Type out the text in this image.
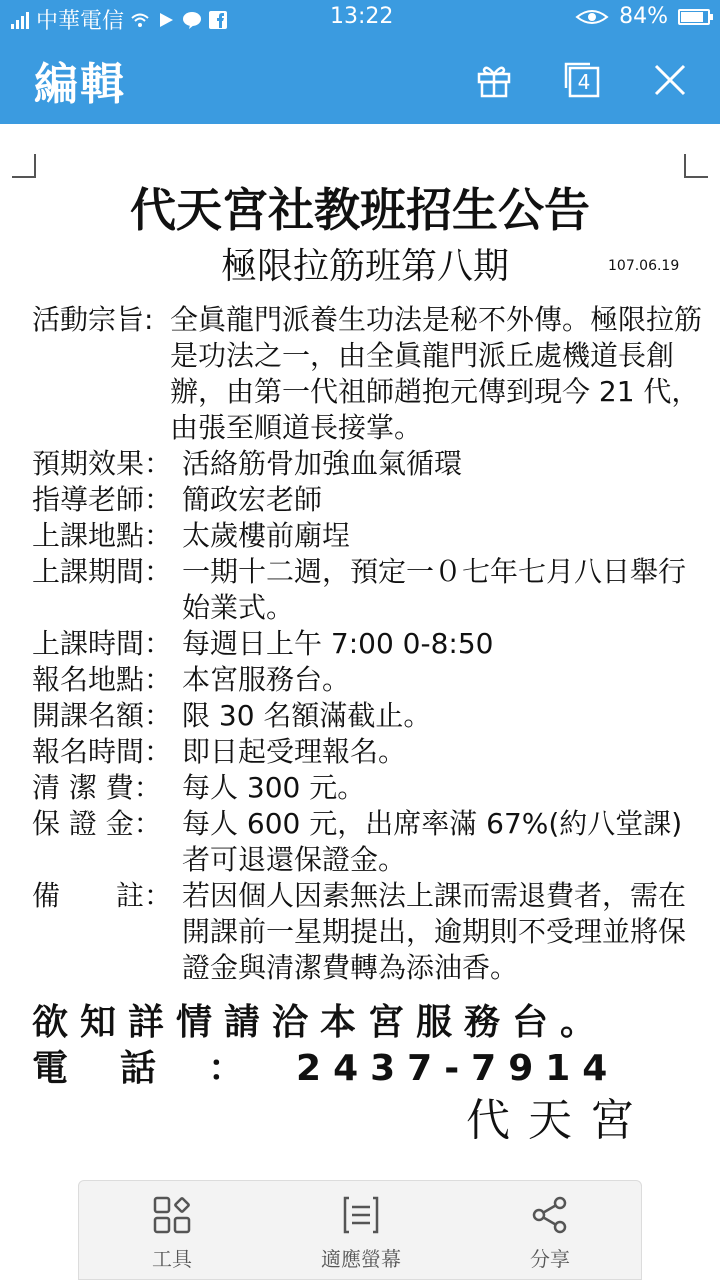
中華電信	13:22	84%
編輯	4
代天宮社教班招生公告
極限拉筋班第八期	107.06.19
活動宗旨: 全眞龍門派養生功法是秘不外傳。極限拉筋是功法之一，由全眞龍門派丘處機道長創辦，由第一代祖師趙抱元傳到現今 21 代，由張至順道長接掌。
預期效果： 活絡筋骨加強血氣循環
指導老師： 簡政宏老師
上課地點： 太歲樓前廟埕
上課期間： 一期十二週，預定一０七年七月八日舉行始業式。
上課時間： 每週日上午 7:00 0-8:50
報名地點： 本宮服務台。
開課名額： 限 30 名額滿截止。
報名時間： 即日起受理報名。
清 潔 費： 每人 300 元。
保 證 金： 每人 600 元，出席率滿 67%(約八堂課)者可退還保證金。
備　　註： 若因個人因素無法上課而需退費者，需在開課前一星期提出，逾期則不受理並將保證金與清潔費轉為添油香。
欲知詳情請洽本宮服務台。
電話：2437-7914
代天宮
工具	適應螢幕	分享
